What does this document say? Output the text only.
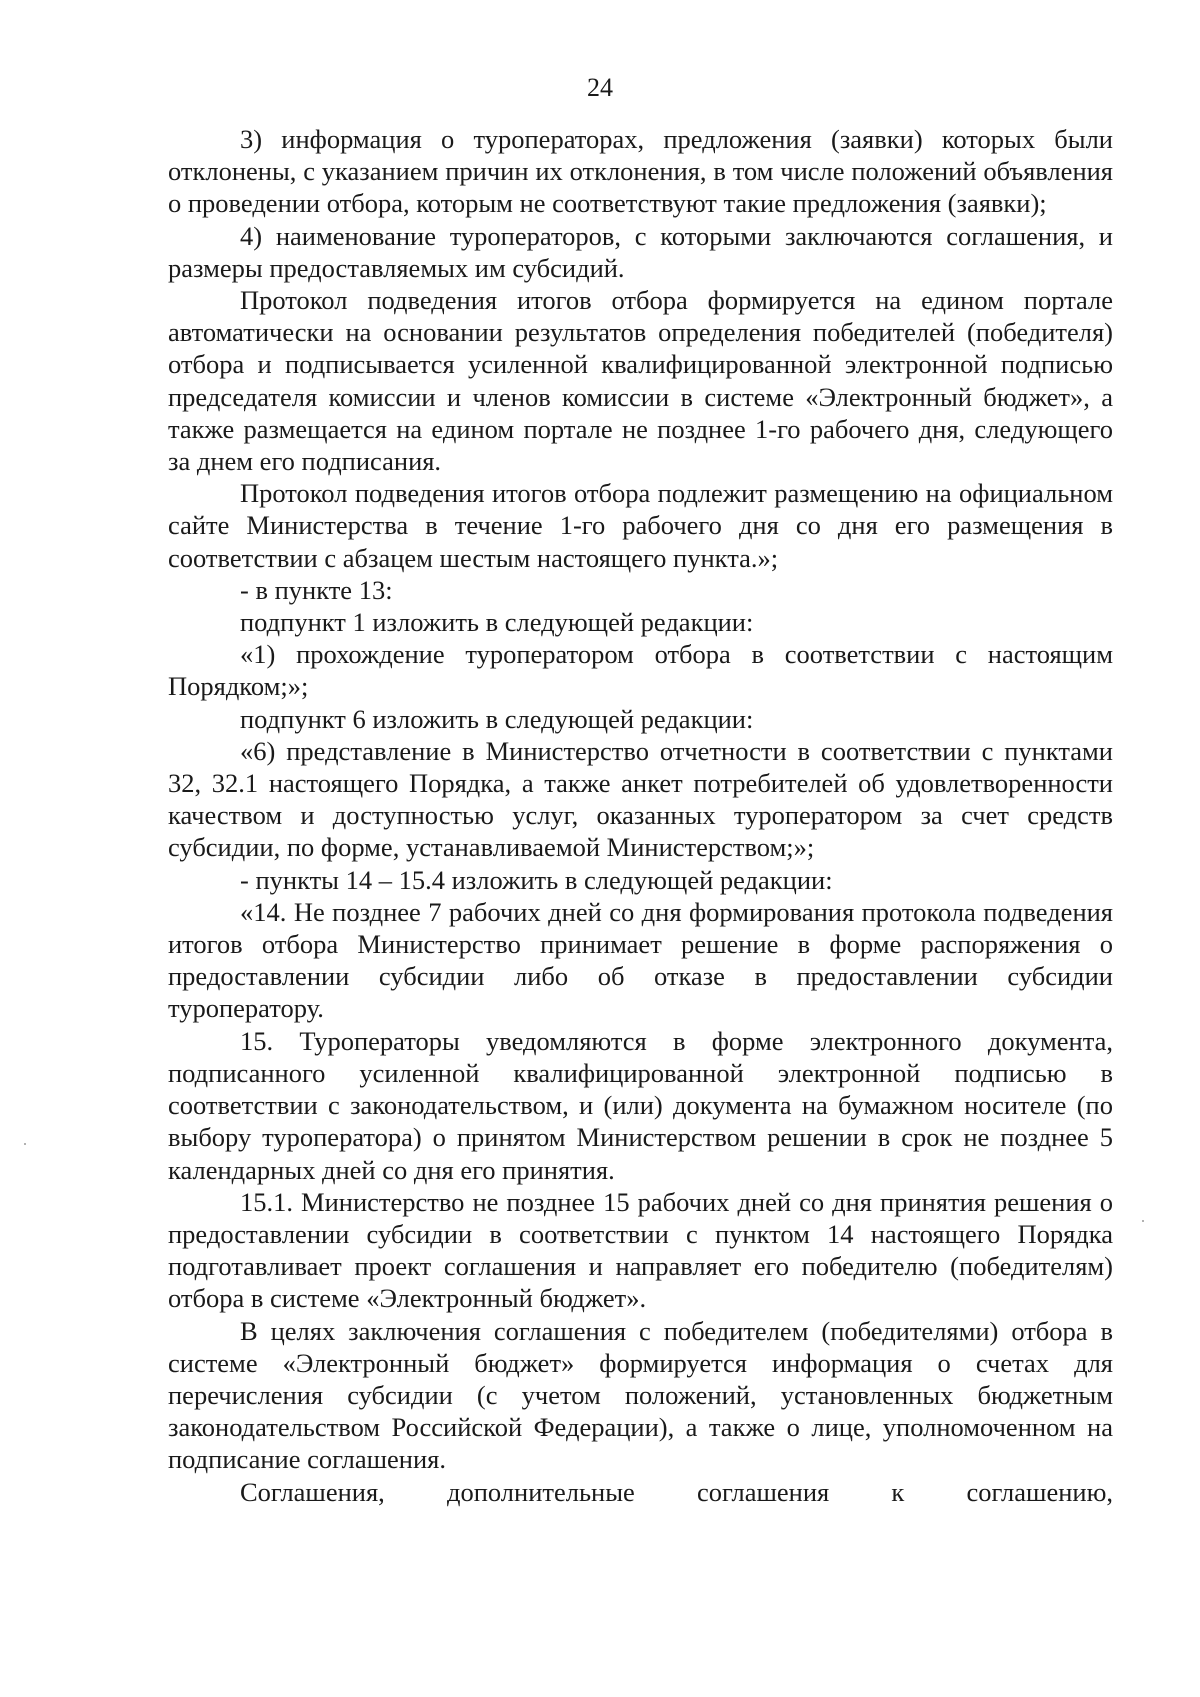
24

3) информация о туроператорах, предложения (заявки) которых были отклонены, с указанием причин их отклонения, в том числе положений объявления о проведении отбора, которым не соответствуют такие предложения (заявки);

4) наименование туроператоров, с которыми заключаются соглашения, и размеры предоставляемых им субсидий.

Протокол подведения итогов отбора формируется на едином портале автоматически на основании результатов определения победителей (победителя) отбора и подписывается усиленной квалифицированной электронной подписью председателя комиссии и членов комиссии в системе «Электронный бюджет», а также размещается на едином портале не позднее 1-го рабочего дня, следующего за днем его подписания.

Протокол подведения итогов отбора подлежит размещению на официальном сайте Министерства в течение 1-го рабочего дня со дня его размещения в соответствии с абзацем шестым настоящего пункта.»;

- в пункте 13:

подпункт 1 изложить в следующей редакции:

«1) прохождение туроператором отбора в соответствии с настоящим Порядком;»;

подпункт 6 изложить в следующей редакции:

«6) представление в Министерство отчетности в соответствии с пунктами 32, 32.1 настоящего Порядка, а также анкет потребителей об удовлетворенности качеством и доступностью услуг, оказанных туроператором за счет средств субсидии, по форме, устанавливаемой Министерством;»;

- пункты 14 – 15.4 изложить в следующей редакции:

«14. Не позднее 7 рабочих дней со дня формирования протокола подведения итогов отбора Министерство принимает решение в форме распоряжения о предоставлении субсидии либо об отказе в предоставлении субсидии туроператору.

15. Туроператоры уведомляются в форме электронного документа, подписанного усиленной квалифицированной электронной подписью в соответствии с законодательством, и (или) документа на бумажном носителе (по выбору туроператора) о принятом Министерством решении в срок не позднее 5 календарных дней со дня его принятия.

15.1. Министерство не позднее 15 рабочих дней со дня принятия решения о предоставлении субсидии в соответствии с пунктом 14 настоящего Порядка подготавливает проект соглашения и направляет его победителю (победителям) отбора в системе «Электронный бюджет».

В целях заключения соглашения с победителем (победителями) отбора в системе «Электронный бюджет» формируется информация о счетах для перечисления субсидии (с учетом положений, установленных бюджетным законодательством Российской Федерации), а также о лице, уполномоченном на подписание соглашения.

Соглашения, дополнительные соглашения к соглашению,
